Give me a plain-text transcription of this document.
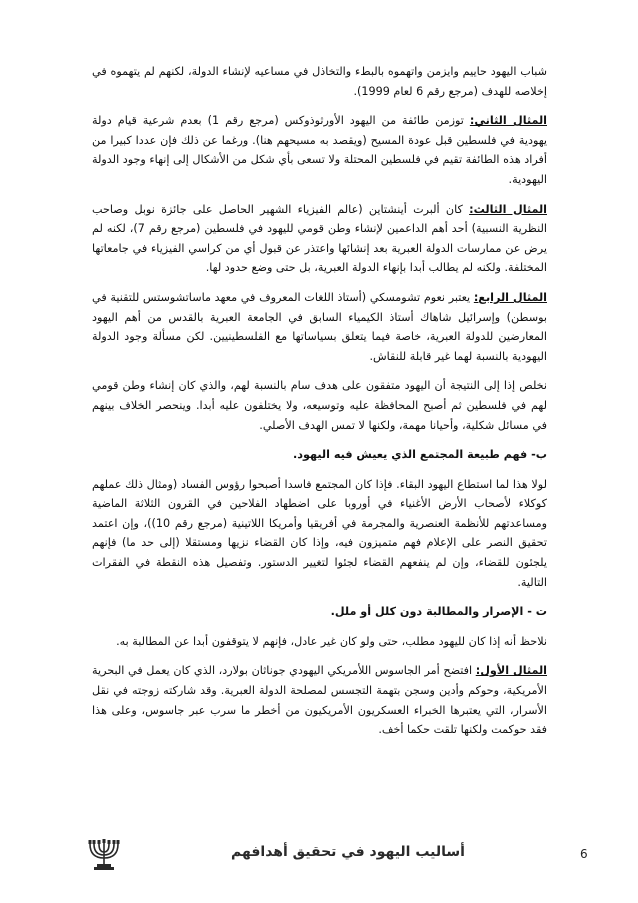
شباب اليهود حاييم وايزمن واتهموه بالبطء والتخاذل في مساعيه لإنشاء الدولة، لكنهم لم يتهموه في إخلاصه للهدف (مرجع رقم 6 لعام 1999).

المثال الثاني: توزمن طائفة من اليهود الأورثوذوكس (مرجع رقم 1) بعدم شرعية قيام دولة يهودية في فلسطين قبل عودة المسيح (ويقصد به مسيحهم هنا). ورغما عن ذلك فإن عددا كبيرا من أفراد هذه الطائفة تقيم في فلسطين المحتلة ولا تسعى بأي شكل من الأشكال إلى إنهاء وجود الدولة اليهودية.

المثال الثالث: كان ألبرت أينشتاين (عالم الفيزياء الشهير الحاصل على جائزة نوبل وصاحب النظرية النسبية) أحد أهم الداعمين لإنشاء وطن قومي لليهود في فلسطين (مرجع رقم 7)، لكنه لم يرض عن ممارسات الدولة العبرية بعد إنشائها واعتذر عن قبول أي من كراسي الفيزياء في جامعاتها المختلفة. ولكنه لم يطالب أبدا بإنهاء الدولة العبرية، بل حتى وضع حدود لها.

المثال الرابع: يعتبر نعوم تشومسكي (أستاذ اللغات المعروف في معهد ماساتشوستس للتقنية في بوسطن) وإسرائيل شاهاك أستاذ الكيمياء السابق في الجامعة العبرية بالقدس من أهم اليهود المعارضين للدولة العبرية، خاصة فيما يتعلق بسياساتها مع الفلسطينيين. لكن مسألة وجود الدولة اليهودية بالنسبة لهما غير قابلة للنقاش.

نخلص إذا إلى النتيجة أن اليهود متفقون على هدف سام بالنسبة لهم، والذي كان إنشاء وطن قومي لهم في فلسطين ثم أصبح المحافظة عليه وتوسيعه، ولا يختلفون عليه أبدا. وينحصر الخلاف بينهم في مسائل شكلية، وأحيانا مهمة، ولكنها لا تمس الهدف الأصلي.

ب- فهم طبيعة المجتمع الذي يعيش فيه اليهود.

لولا هذا لما استطاع اليهود البقاء. فإذا كان المجتمع فاسدا أصبحوا رؤوس الفساد (ومثال ذلك عملهم كوكلاء لأصحاب الأرض الأغنياء في أوروبا على اضطهاد الفلاحين في القرون الثلاثة الماضية ومساعدتهم للأنظمة العنصرية والمجرمة في أفريقيا وأمريكا اللاتينية (مرجع رقم 10))، وإن اعتمد تحقيق النصر على الإعلام فهم متميزون فيه، وإذا كان القضاء نزيها ومستقلا (إلى حد ما) فإنهم يلجئون للقضاء، وإن لم ينفعهم القضاء لجئوا لتغيير الدستور. وتفصيل هذه النقطة في الفقرات التالية.

ت - الإصرار والمطالبة دون كلل أو ملل.

نلاحظ أنه إذا كان لليهود مطلب، حتى ولو كان غير عادل، فإنهم لا يتوقفون أبدا عن المطالبة به.

المثال الأول: افتضح أمر الجاسوس اللأمريكي اليهودي جوناثان بولارد، الذي كان يعمل في البحرية الأمريكية، وحوكم وأدين وسجن بتهمة التجسس لمصلحة الدولة العبرية. وقد شاركته زوجته في نقل الأسرار، التي يعتبرها الخبراء العسكريون الأمريكيون من أخطر ما سرب عبر جاسوس، وعلى هذا فقد حوكمت ولكنها تلقت حكما أخف.

6
أساليب اليهود في تحقيق أهدافهم
